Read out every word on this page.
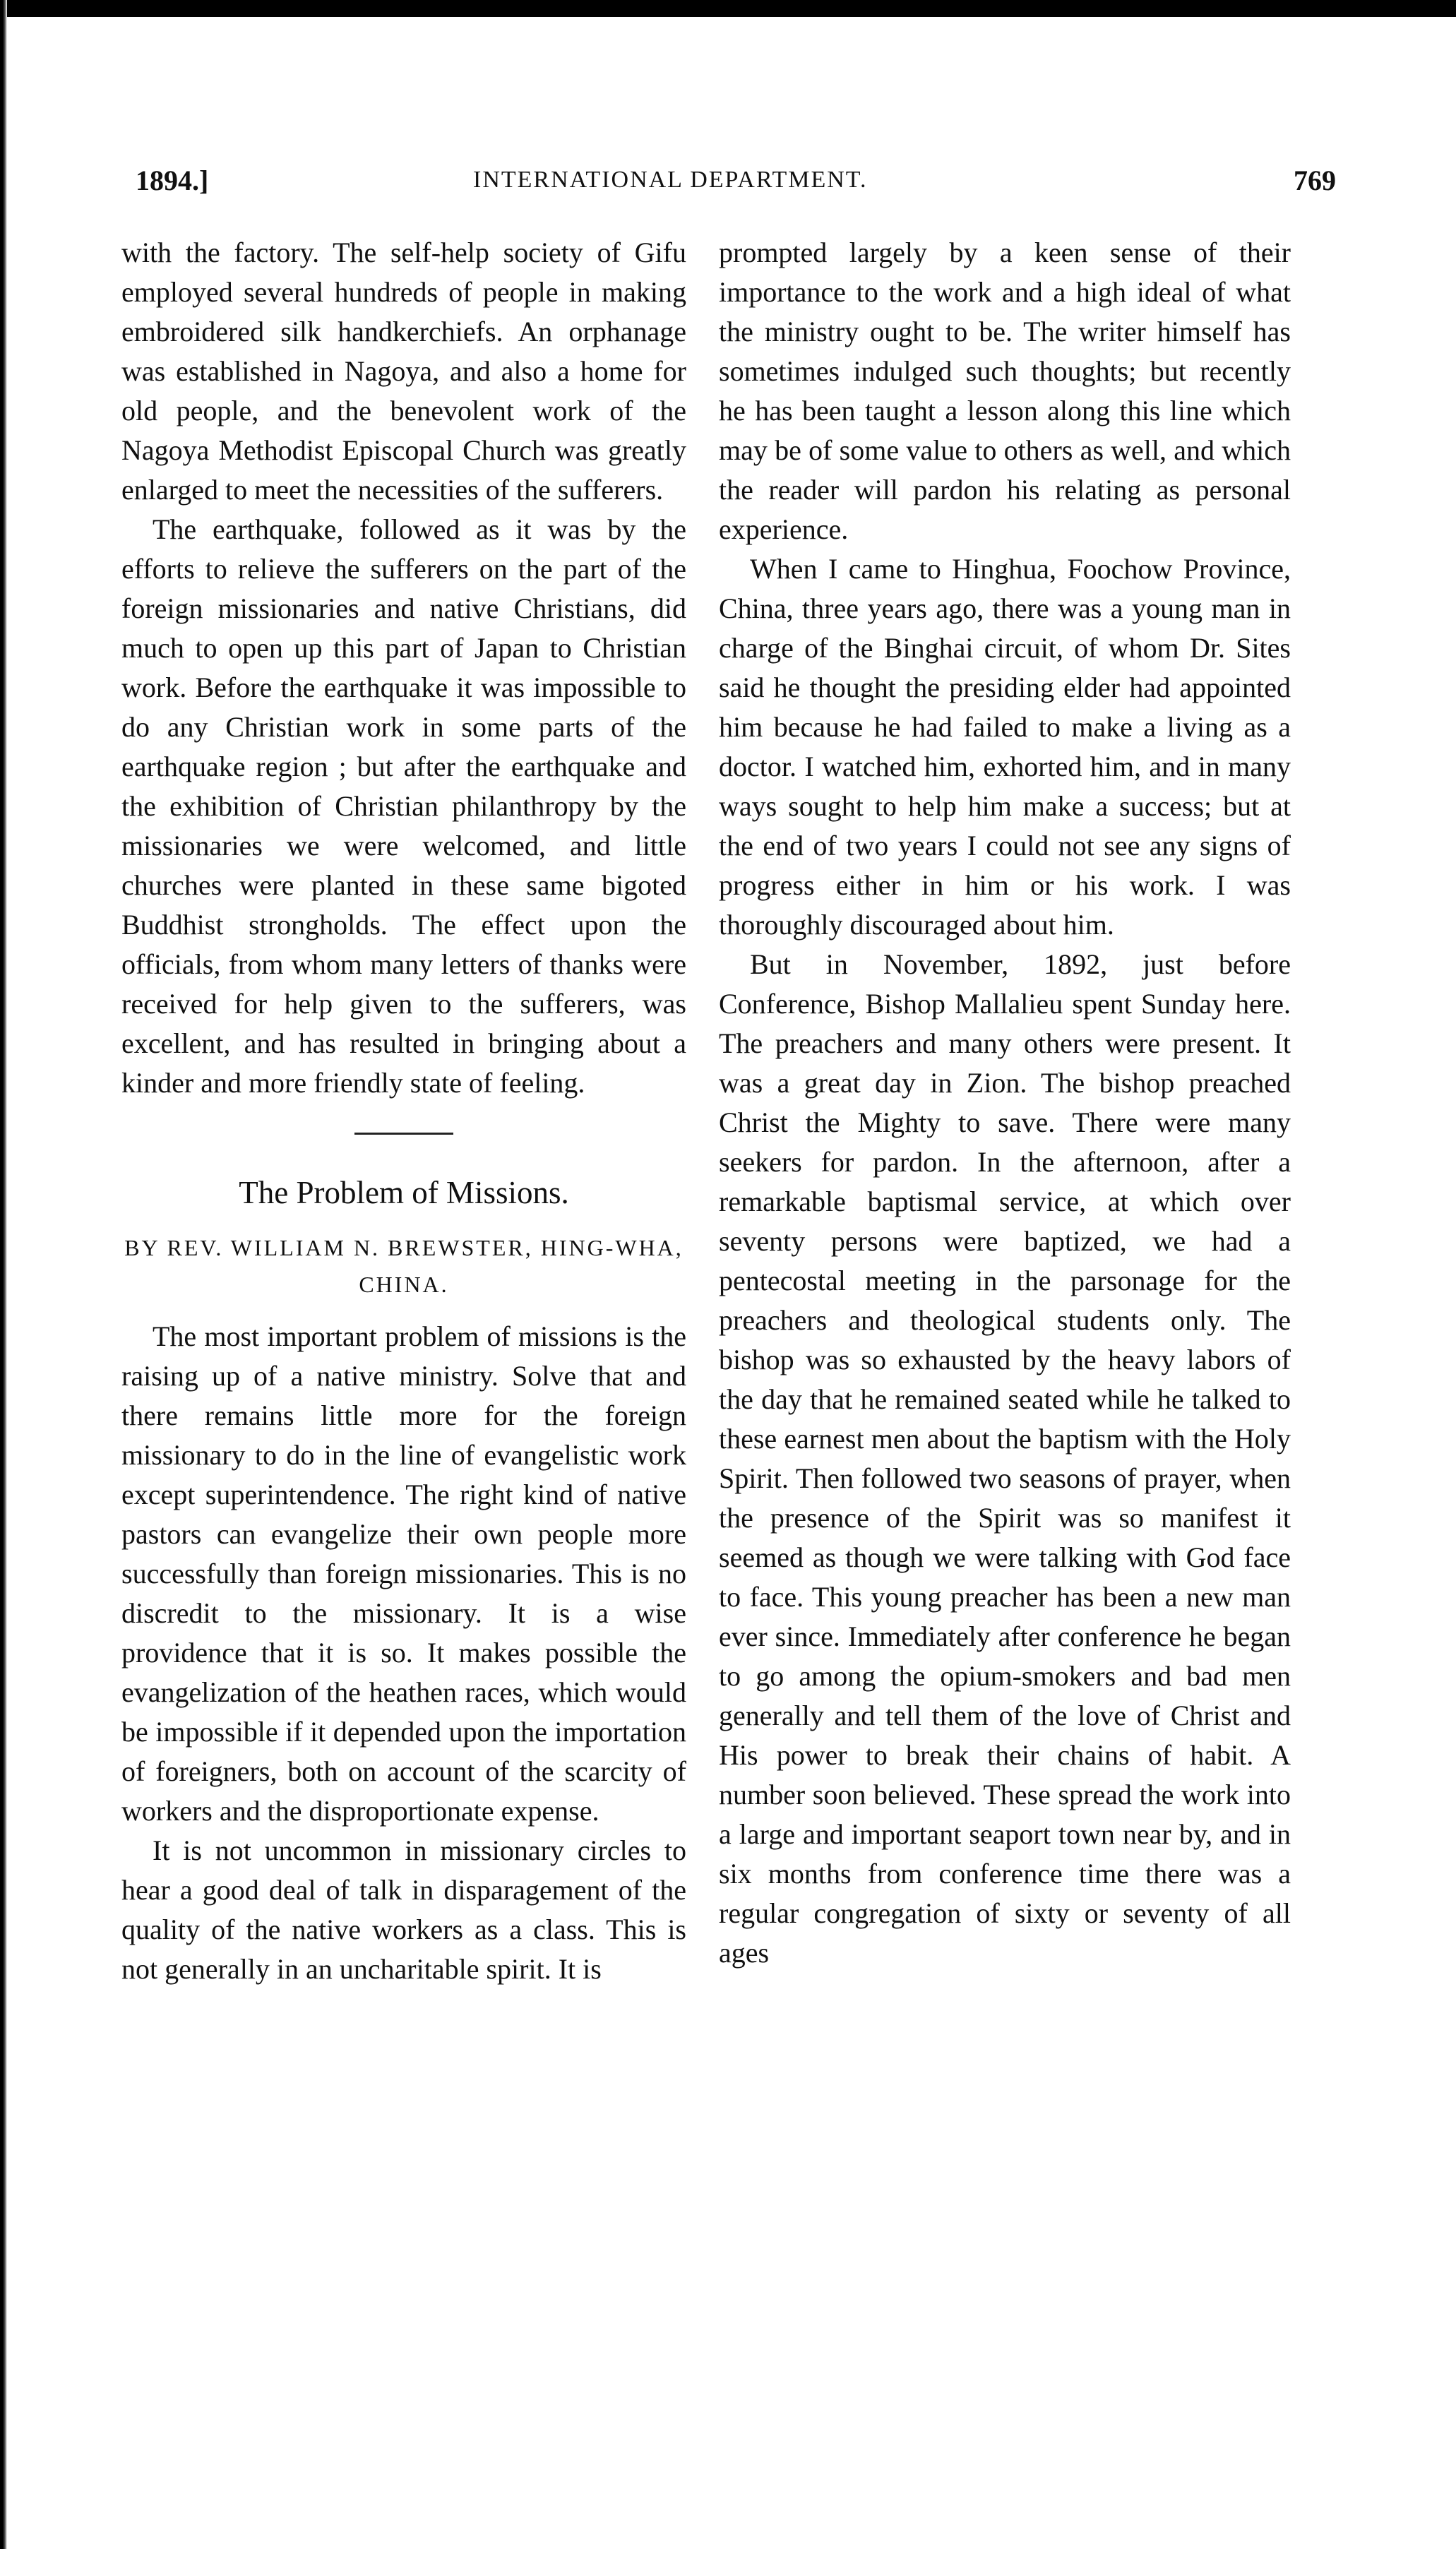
1894.]	INTERNATIONAL DEPARTMENT.	769

with the factory. The self-help society of Gifu employed several hundreds of people in making embroidered silk handkerchiefs. An orphanage was established in Nagoya, and also a home for old people, and the benevolent work of the Nagoya Methodist Episcopal Church was greatly enlarged to meet the necessities of the sufferers.

The earthquake, followed as it was by the efforts to relieve the sufferers on the part of the foreign missionaries and native Christians, did much to open up this part of Japan to Christian work. Before the earthquake it was impossible to do any Christian work in some parts of the earthquake region ; but after the earthquake and the exhibition of Christian philanthropy by the missionaries we were welcomed, and little churches were planted in these same bigoted Buddhist strongholds. The effect upon the officials, from whom many letters of thanks were received for help given to the sufferers, was excellent, and has resulted in bringing about a kinder and more friendly state of feeling.

The Problem of Missions.
BY REV. WILLIAM N. BREWSTER, HING-WHA, CHINA.

The most important problem of missions is the raising up of a native ministry. Solve that and there remains little more for the foreign missionary to do in the line of evangelistic work except superintendence. The right kind of native pastors can evangelize their own people more successfully than foreign missionaries. This is no discredit to the missionary. It is a wise providence that it is so. It makes possible the evangelization of the heathen races, which would be impossible if it depended upon the importation of foreigners, both on account of the scarcity of workers and the disproportionate expense.

It is not uncommon in missionary circles to hear a good deal of talk in disparagement of the quality of the native workers as a class. This is not generally in an uncharitable spirit. It is

prompted largely by a keen sense of their importance to the work and a high ideal of what the ministry ought to be. The writer himself has sometimes indulged such thoughts; but recently he has been taught a lesson along this line which may be of some value to others as well, and which the reader will pardon his relating as personal experience.

When I came to Hinghua, Foochow Province, China, three years ago, there was a young man in charge of the Binghai circuit, of whom Dr. Sites said he thought the presiding elder had appointed him because he had failed to make a living as a doctor. I watched him, exhorted him, and in many ways sought to help him make a success; but at the end of two years I could not see any signs of progress either in him or his work. I was thoroughly discouraged about him.

But in November, 1892, just before Conference, Bishop Mallalieu spent Sunday here. The preachers and many others were present. It was a great day in Zion. The bishop preached Christ the Mighty to save. There were many seekers for pardon. In the afternoon, after a remarkable baptismal service, at which over seventy persons were baptized, we had a pentecostal meeting in the parsonage for the preachers and theological students only. The bishop was so exhausted by the heavy labors of the day that he remained seated while he talked to these earnest men about the baptism with the Holy Spirit. Then followed two seasons of prayer, when the presence of the Spirit was so manifest it seemed as though we were talking with God face to face. This young preacher has been a new man ever since. Immediately after conference he began to go among the opium-smokers and bad men generally and tell them of the love of Christ and His power to break their chains of habit. A number soon believed. These spread the work into a large and important seaport town near by, and in six months from conference time there was a regular congregation of sixty or seventy of all ages
